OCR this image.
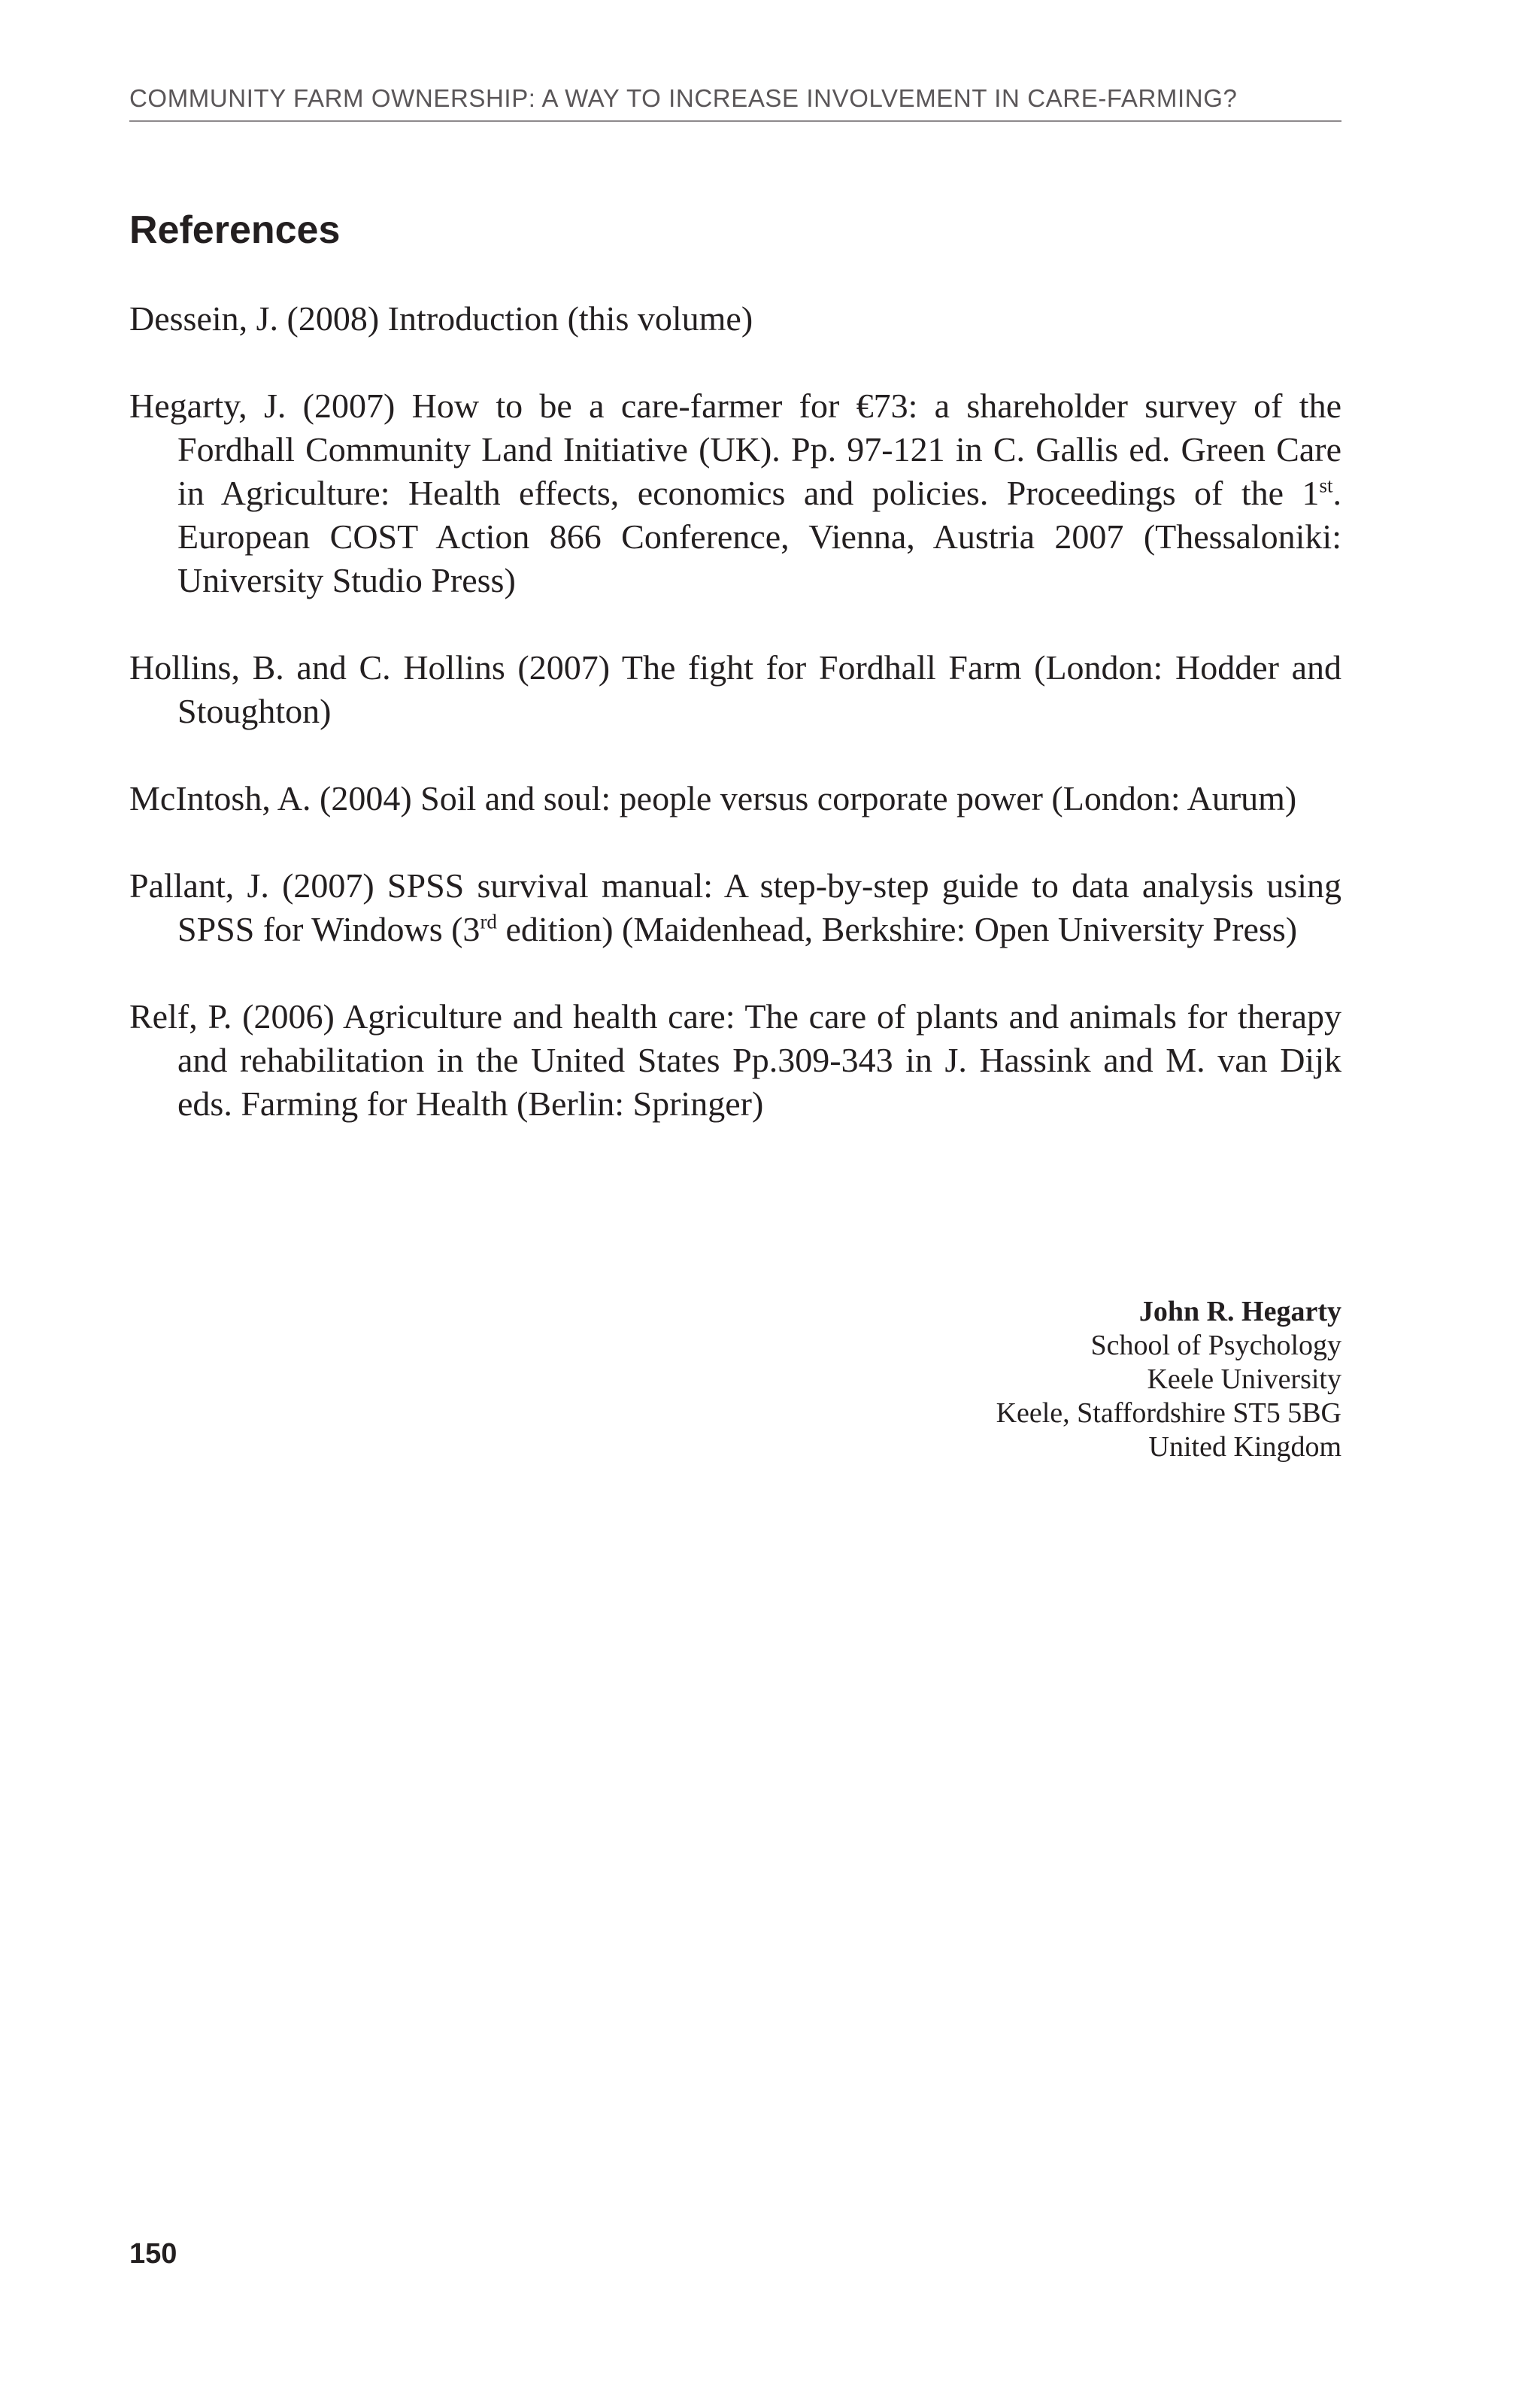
COMMUNITY FARM OWNERSHIP: A WAY TO INCREASE INVOLVEMENT IN CARE-FARMING?
References
Dessein, J. (2008) Introduction (this volume)
Hegarty, J. (2007) How to be a care-farmer for €73: a shareholder survey of the Fordhall Community Land Initiative (UK). Pp. 97-121 in C. Gallis ed. Green Care in Agriculture: Health effects, economics and policies. Proceedings of the 1st. European COST Action 866 Conference, Vienna, Austria 2007 (Thessaloniki: University Studio Press)
Hollins, B. and C. Hollins (2007) The fight for Fordhall Farm (London: Hodder and Stoughton)
McIntosh, A. (2004) Soil and soul: people versus corporate power (London: Aurum)
Pallant, J. (2007) SPSS survival manual: A step-by-step guide to data analysis using SPSS for Windows (3rd edition) (Maidenhead, Berkshire: Open University Press)
Relf, P. (2006) Agriculture and health care: The care of plants and animals for therapy and rehabilitation in the United States Pp.309-343 in J. Hassink and M. van Dijk eds. Farming for Health (Berlin: Springer)
John R. Hegarty
School of Psychology
Keele University
Keele, Staffordshire ST5 5BG
United Kingdom
150
